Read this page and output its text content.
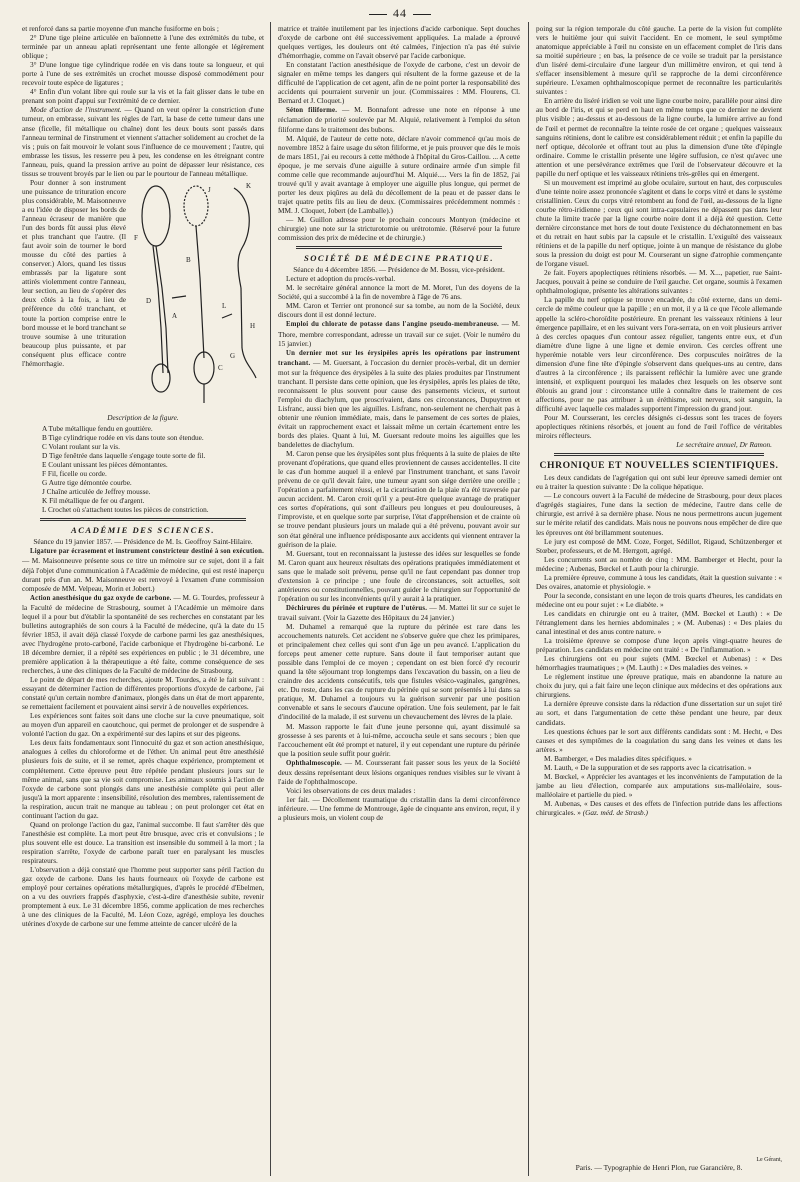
44

et renforcé dans sa partie moyenne d'un manche fusiforme en bois ;

2° D'une tige pleine articulée en baïonnette à l'une des extrémités du tube, et terminée par un anneau aplati représentant une fente allongée et légèrement oblique ;

3° D'une longue tige cylindrique rodée en vis dans toute sa longueur, et qui porte à l'une de ses extrémités un crochet mousse disposé commodément pour recevoir toute espèce de ligatures ;

4° Enfin d'un volant libre qui roule sur la vis et la fait glisser dans le tube en prenant son point d'appui sur l'extrémité de ce dernier.

Mode d'action de l'instrument. — Quand on veut opérer la constriction d'une tumeur, on embrasse, suivant les règles de l'art, la base de cette tumeur dans une anse (ficelle, fil métallique ou chaîne) dont les deux bouts sont passés dans l'anneau terminal de l'instrument et viennent s'attacher solidement au crochet de la vis ; puis on fait mouvoir le volant sous l'influence de ce mouvement ; l'autre, qui embrasse les tissus, les resserre peu à peu, les condense en les étreignant contre l'anneau, puis, quand la pression arrive au point de dépasser leur résistance, ces tissus se trouvent broyés par le lien ou par le pourtour de l'anneau métallique.

Pour donner à son instrument une puissance de trituration encore plus considérable, M. Maisonneuve a eu l'idée de disposer les bords de l'anneau écraseur de manière que l'un des bords fût aussi plus élevé et plus tranchant que l'autre. (Il faut avoir soin de tourner le bord mousse du côté des parties à conserver.) Alors, quand les tissus embrassés par la ligature sont attirés violemment contre l'anneau, leur section, au lieu de s'opérer des deux côtés à la fois, a lieu de préférence du côté tranchant, et toute la portion comprise entre le bord mousse et le bord tranchant se trouve soumise à une trituration beaucoup plus puissante, et par conséquent plus efficace contre l'hémorrhagie.

J	K
B
F
A
H
L
D
C
G
Description de la figure.

A Tube métallique fendu en gouttière.

B Tige cylindrique rodée en vis dans toute son étendue.

C Volant roulant sur la vis.

D Tige fenêtrée dans laquelle s'engage toute sorte de fil.

E Coulant unissant les pièces démontantes.

F Fil, ficelle ou corde.

G Autre tige démontée courbe.

J Chaîne articulée de Jeffrey mousse.

K Fil métallique de fer ou d'argent.

L Crochet où s'attachent toutes les pièces de constriction.

ACADÉMIE DES SCIENCES.

Séance du 19 janvier 1857. — Présidence de M. Is. Geoffroy Saint-Hilaire.

Ligature par écrasement et instrument constricteur destiné à son exécution. — M. Maisonneuve présente sous ce titre un mémoire sur ce sujet, dont il a fait déjà l'objet d'une communication à l'Académie de médecine, qui est resté inaperçu durant près d'un an. M. Maisonneuve est renvoyé à l'examen d'une commission composée de MM. Velpeau, Morin et Jobert.)

Action anesthésique du gaz oxyde de carbone. — M. G. Tourdes, professeur à la Faculté de médecine de Strasbourg, soumet à l'Académie un mémoire dans lequel il a pour but d'établir la spontanéité de ses recherches en constatant par les bulletins autographiés de son cours à la Faculté de médecine, qu'à la date du 15 février 1853, il avait déjà classé l'oxyde de carbone parmi les gaz anesthésiques, avec l'hydrogène proto-carboné, l'acide carbonique et l'hydrogène bi-carboné. Le 18 décembre dernier, il a répété ses expériences en public ; le 31 décembre, une première application à la thérapeutique a été faite, comme conséquence de ses recherches, à une des cliniques de la Faculté de médecine de Strasbourg.

Le point de départ de mes recherches, ajoute M. Tourdes, a été le fait suivant : essayant de déterminer l'action de différentes proportions d'oxyde de carbone, j'ai constaté qu'un certain nombre d'animaux, plongés dans un état de mort apparente, se remettaient facilement et pouvaient ainsi servir à de nouvelles expériences.

Les expériences sont faites soit dans une cloche sur la cuve pneumatique, soit au moyen d'un appareil en caoutchouc, qui permet de prolonger et de suspendre à volonté l'action du gaz. On a expérimenté sur des lapins et sur des pigeons.

Les deux faits fondamentaux sont l'innocuité du gaz et son action anesthésique, analogues à celles du chloroforme et de l'éther. Un animal peut être anesthésié plusieurs fois de suite, et il se remet, après chaque expérience, promptement et complétement. Cette épreuve peut être répétée pendant plusieurs jours sur le même animal, sans que sa vie soit compromise. Les animaux soumis à l'action de l'oxyde de carbone sont plongés dans une anesthésie complète qui peut aller jusqu'à la mort apparente : insensibilité, résolution des membres, ralentissement de la respiration, aucun trait ne manque au tableau ; on peut prolonger cet état en continuant l'action du gaz.

Quand on prolonge l'action du gaz, l'animal succombe. Il faut s'arrêter dès que l'anesthésie est complète. La mort peut être brusque, avec cris et convulsions ; le plus souvent elle est douce. La transition est insensible du sommeil à la mort ; la respiration s'arrête, l'oxyde de carbone paraît tuer en paralysant les muscles respirateurs.

L'observation a déjà constaté que l'homme peut supporter sans péril l'action du gaz oxyde de carbone. Dans les hauts fourneaux où l'oxyde de carbone est employé pour certaines opérations métallurgiques, d'après le procédé d'Ebelmen, on a vu des ouvriers frappés d'asphyxie, c'est-à-dire d'anesthésie subite, revenir promptement à eux. Le 31 décembre 1856, comme application de mes recherches à une des cliniques de la Faculté, M. Léon Coze, agrégé, employa les douches utérines d'oxyde de carbone sur une femme atteinte de cancer ulcéré de la

matrice et traitée inutilement par les injections d'acide carbonique. Sept douches d'oxyde de carbone ont été successivement appliquées. La malade a éprouvé quelques vertiges, les douleurs ont été calmées, l'injection n'a pas été suivie d'hémorrhagie, comme on l'avait observé par l'acide carbonique.

En constatant l'action anesthésique de l'oxyde de carbone, c'est un devoir de signaler en même temps les dangers qui résultent de la forme gazeuse et de la difficulté de l'application de cet agent, afin de ne point porter la responsabilité des accidents qui pourraient survenir un jour. (Commissaires : MM. Flourens, Cl. Bernard et J. Cloquet.)

Séton filiforme. — M. Bonnafont adresse une note en réponse à une réclamation de priorité soulevée par M. Alquié, relativement à l'emploi du séton filiforme dans le traitement des bubons.

M. Alquié, de l'auteur de cette note, déclare n'avoir commencé qu'au mois de novembre 1852 à faire usage du séton filiforme, et je puis prouver que dès le mois de mars 1851, j'ai eu recours à cette méthode à l'hôpital du Gros-Caillou. ... A cette époque, je me servais d'une aiguille à suture ordinaire armée d'un simple fil comme celle que recommande aujourd'hui M. Alquié..... Vers la fin de 1852, j'ai trouvé qu'il y avait avantage à employer une aiguille plus longue, qui permet de porter les deux piqûres au delà du décollement de la peau et de passer dans le trajet quatre petits fils au lieu de deux. (Commissaires précédemment nommés : MM. J. Cloquet, Jobert (de Lamballe).)

— M. Guillon adresse pour le prochain concours Montyon (médecine et chirurgie) une note sur la stricturotomie ou urétrotomie. (Réservé pour la future commission des prix de médecine et de chirurgie.)

SOCIÉTÉ DE MÉDECINE PRATIQUE.

Séance du 4 décembre 1856. — Présidence de M. Bossu, vice-président.

Lecture et adoption du procès-verbal.

M. le secrétaire général annonce la mort de M. Moret, l'un des doyens de la Société, qui a succombé à la fin de novembre à l'âge de 76 ans.

MM. Caron et Terrier ont prononcé sur sa tombe, au nom de la Société, deux discours dont il est donné lecture.

Emploi du chlorate de potasse dans l'angine pseudo-membraneuse. — M. Thore, membre correspondant, adresse un travail sur ce sujet. (Voir le numéro du 15 janvier.)

Un dernier mot sur les érysipèles après les opérations par instrument tranchant. — M. Guersant, à l'occasion du dernier procès-verbal, dit un dernier mot sur la fréquence des érysipèles à la suite des plaies produites par l'instrument tranchant. Il persiste dans cette opinion, que les érysipèles, après les plaies de tête, reconnaissent le plus souvent pour cause des pansements vicieux, et surtout l'emploi du diachylum, que proscrivaient, dans ces circonstances, Dupuytren et Lisfranc, aussi bien que les aiguilles. Lisfranc, non-seulement ne cherchait pas à obtenir une réunion immédiate, mais, dans le pansement de ces sortes de plaies, évitait un rapprochement exact et laissait même un certain écartement entre les bords des plaies. Quant à lui, M. Guersant redoute moins les aiguilles que les bandelettes de diachylum.

M. Caron pense que les érysipèles sont plus fréquents à la suite de plaies de tête provenant d'opérations, que quand elles proviennent de causes accidentelles. Il cite le cas d'un homme auquel il a enlevé par l'instrument tranchant, et sans l'avoir prévenu de ce qu'il devait faire, une tumeur ayant son siége derrière une oreille ; l'opération a parfaitement réussi, et la cicatrisation de la plaie n'a été traversée par aucun accident. M. Caron croit qu'il y a peut-être quelque avantage de pratiquer ces sortes d'opérations, qui sont d'ailleurs peu longues et peu douloureuses, à l'improviste, et en quelque sorte par surprise, l'état d'appréhension et de crainte où se trouve pendant plusieurs jours un malade qui a été prévenu, pouvant avoir sur son état général une influence prédisposante aux accidents qui viennent entraver la guérison de la plaie.

M. Guersant, tout en reconnaissant la justesse des idées sur lesquelles se fonde M. Caron quant aux heureux résultats des opérations pratiquées immédiatement et sans que le malade soit prévenu, pense qu'il ne faut cependant pas donner trop d'extension à ce principe ; une foule de circonstances, soit actuelles, soit antérieures ou constitutionnelles, pouvant guider le chirurgien sur l'opportunité de l'opération ou sur les inconvénients qu'il y aurait à la pratiquer.

Déchirures du périnée et rupture de l'utérus. — M. Mattei lit sur ce sujet le travail suivant. (Voir la Gazette des Hôpitaux du 24 janvier.)

M. Duhamel a remarqué que la rupture du périnée est rare dans les accouchements naturels. Cet accident ne s'observe guère que chez les primipares, et principalement chez celles qui sont d'un âge un peu avancé. L'application du forceps peut amener cette rupture. Sans doute il faut temporiser autant que possible dans l'emploi de ce moyen ; cependant on est bien forcé d'y recourir quand la tête séjournant trop longtemps dans l'excavation du bassin, on a lieu de craindre des accidents consécutifs, tels que fistules vésico-vaginales, gangrènes, etc. Du reste, dans les cas de rupture du périnée qui se sont présentés à lui dans sa pratique, M. Duhamel a toujours vu la guérison survenir par une position convenable et sans le secours d'aucune opération. Une fois seulement, par le fait d'indocilité de la malade, il est survenu un chevauchement des lèvres de la plaie.

M. Masson rapporte le fait d'une jeune personne qui, ayant dissimulé sa grossesse à ses parents et à lui-même, accoucha seule et sans secours ; bien que l'accouchement eût été prompt et naturel, il y eut cependant une rupture du périnée que la position seule suffit pour guérir.

Ophthalmoscopie. — M. Coursserant fait passer sous les yeux de la Société deux dessins représentant deux lésions organiques rendues visibles sur le vivant à l'aide de l'ophthalmoscope.

Voici les observations de ces deux malades :

1er fait. — Décollement traumatique du cristallin dans la demi circonférence inférieure. — Une femme de Montrouge, âgée de cinquante ans environ, reçut, il y a plusieurs mois, un violent coup de

poing sur la région temporale du côté gauche. La perte de la vision fut complète vers le huitième jour qui suivit l'accident. En ce moment, le seul symptôme anatomique appréciable à l'œil nu consiste en un effacement complet de l'iris dans sa moitié supérieure ; en bas, la présence de ce voile se traduit par la persistance d'un liséré demi-circulaire d'une largeur d'un millimètre environ, et qui tend à s'effacer insensiblement à mesure qu'il se rapproche de la demi circonférence supérieure. L'examen ophthalmoscopique permet de reconnaître les particularités suivantes :

En arrière du liséré iridien se voit une ligne courbe noire, parallèle pour ainsi dire au bord de l'iris, et qui se perd en haut en même temps que ce dernier ne devient plus visible ; au-dessus et au-dessous de la ligne courbe, la lumière arrive au fond de l'œil et permet de reconnaître la teinte rosée de cet organe ; quelques vaisseaux sanguins rétiniens, dont le calibre est considérablement réduit ; et enfin la papille du nerf optique, décolorée et offrant tout au plus la dimension d'une tête d'épingle ordinaire. Comme le cristallin présente une légère suffusion, ce n'est qu'avec une attention et une persévérance extrêmes que l'œil de l'observateur découvre et la papille du nerf optique et les vaisseaux rétiniens très-grêles qui en émergent.

Si un mouvement est imprimé au globe oculaire, surtout en haut, des corpuscules d'une teinte noire assez prononcée s'agitent et dans le corps vitré et dans le système cristallinien. Ceux du corps vitré retombent au fond de l'œil, au-dessous de la ligne courbe rétro-iridienne ; ceux qui sont intra-capsulaires ne dépassent pas dans leur chute la limite tracée par la ligne courbe noire dont il a déjà été question. Cette dernière circonstance met hors de tout doute l'existence du déchatonnement en bas et du retrait en haut subis par la capsule et le cristallin. L'exiguïté des vaisseaux rétiniens et de la papille du nerf optique, jointe à un manque de résistance du globe sous la pression du doigt est pour M. Courserant un signe d'atrophie commençante de l'organe visuel.

2e fait. Foyers apoplectiques rétiniens résorbés. — M. X..., papetier, rue Saint-Jacques, pouvait à peine se conduire de l'œil gauche. Cet organe, soumis à l'examen ophthalmologique, présente les altérations suivantes :

La papille du nerf optique se trouve encadrée, du côté externe, dans un demi-cercle de même couleur que la papille ; en un mot, il y a là ce que l'école allemande appelle la scléro-choroïdite postérieure. En prenant les vaisseaux rétiniens à leur émergence papillaire, et en les suivant vers l'ora-serrata, on en voit plusieurs arriver à des cercles opaques d'un contour assez régulier, tangents entre eux, et d'un diamètre d'une ligne à une ligne et demie environ. Ces cercles offrent une hyperémie notable vers leur circonférence. Des corpuscules noirâtres de la dimension d'une fine tête d'épingle s'observent dans quelques-uns au centre, dans d'autres à la circonférence ; ils paraissent refléchir la lumière avec une grande intensité, et expliquent pourquoi les malades chez lesquels on les observe sont éblouis au grand jour : circonstance utile à connaître dans le traitement de ces affections, pour ne pas attribuer à un éréthisme, soit nerveux, soit sanguin, la difficulté avec laquelle ces malades supportent l'impression du grand jour.

Pour M. Coursserant, les cercles désignés ci-dessus sont les traces de foyers apoplectiques rétiniens résorbés, et jouent au fond de l'œil l'office de véritables miroirs réflecteurs.

Le secrétaire annuel, Dr Ramon.

CHRONIQUE ET NOUVELLES SCIENTIFIQUES.

Les deux candidats de l'agrégation qui ont subi leur épreuve samedi dernier ont eu à traiter la question suivante : De la colique hépatique.

— Le concours ouvert à la Faculté de médecine de Strasbourg, pour deux places d'agrégés stagiaires, l'une dans la section de médecine, l'autre dans celle de chirurgie, est arrivé à sa dernière phase. Nous ne nous permettrons aucun jugement sur le mérite relatif des candidats. Mais nous ne pouvons nous empêcher de dire que les épreuves ont été brillamment soutenues.

Le jury est composé de MM. Coze, Forget, Sédillot, Rigaud, Schützenberger et Stœber, professeurs, et de M. Herrgott, agrégé.

Les concurrents sont au nombre de cinq : MM. Bamberger et Hecht, pour la médecine ; Aubenas, Bœckel et Lauth pour la chirurgie.

La première épreuve, commune à tous les candidats, était la question suivante : « Des ovaires, anatomie et physiologie. »

Pour la seconde, consistant en une leçon de trois quarts d'heures, les candidats en médecine ont eu pour sujet : « Le diabète. »

Les candidats en chirurgie ont eu à traiter, (MM. Bœckel et Lauth) : « De l'étranglement dans les hernies abdominales ; » (M. Aubenas) : « Des plaies du canal intestinal et des anus contre nature. »

La troisième épreuve se compose d'une leçon après vingt-quatre heures de préparation. Les candidats en médecine ont traité : « De l'inflammation. »

Les chirurgiens ont eu pour sujets (MM. Bœckel et Aubenas) : « Des hémorrhagies traumatiques ; » (M. Lauth) : « Des maladies des veines. »

Le règlement institue une épreuve pratique, mais en abandonne la nature au choix du jury, qui a fait faire une leçon clinique aux médecins et des opérations aux chirurgiens.

La dernière épreuve consiste dans la rédaction d'une dissertation sur un sujet tiré au sort, et dans l'argumentation de cette thèse pendant une heure, par deux candidats.

Les questions échues par le sort aux différents candidats sont : M. Hecht, « Des causes et des symptômes de la coagulation du sang dans les veines et dans les artères. »

M. Bamberger, « Des maladies dites spécifiques. »

M. Lauth, « De la suppuration et de ses rapports avec la cicatrisation. »

M. Bœckel, « Apprécier les avantages et les inconvénients de l'amputation de la jambe au lieu d'élection, comparée aux amputations sus-malléolaire, sous-malléolaire et partielle du pied. »

M. Aubenas, « Des causes et des effets de l'infection putride dans les affections chirurgicales. » (Gaz. méd. de Strasb.)

Le Gérant,
Paris. — Typographie de Henri Plon, rue Garancière, 8.
